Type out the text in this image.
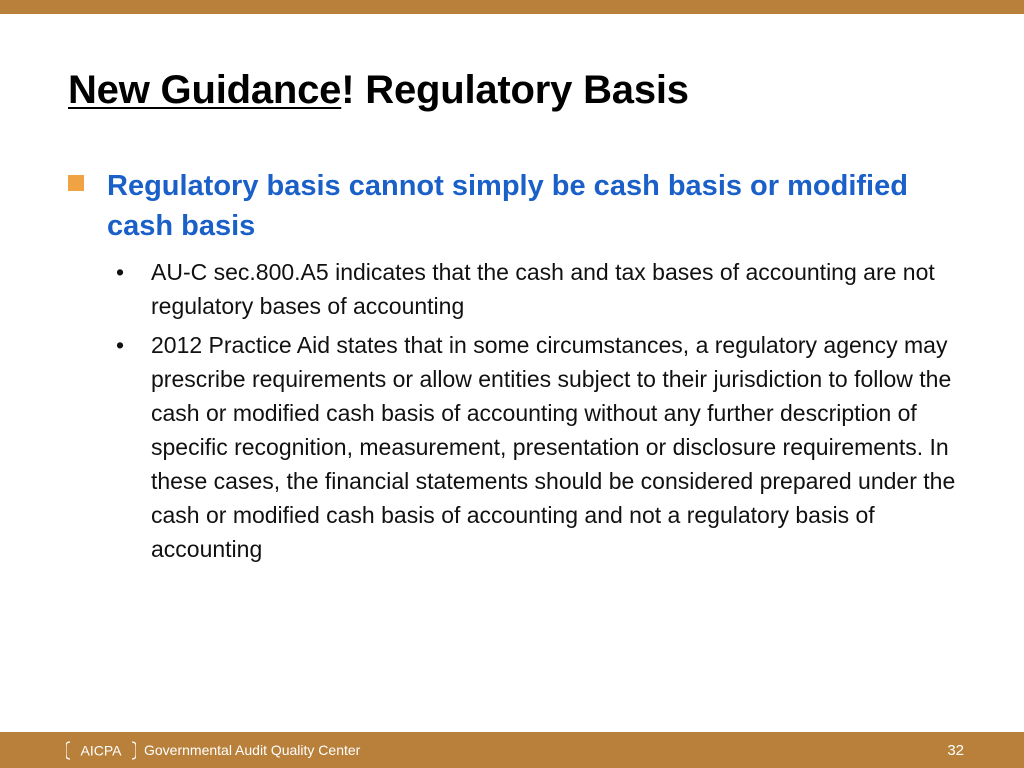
New Guidance! Regulatory Basis
Regulatory basis cannot simply be cash basis or modified cash basis
•	AU-C sec.800.A5 indicates that the cash and tax bases of accounting are not regulatory bases of accounting
•	2012 Practice Aid states that in some circumstances, a regulatory agency may prescribe requirements or allow entities subject to their jurisdiction to follow the cash or modified cash basis of accounting without any further description of specific recognition, measurement, presentation or disclosure requirements. In these cases, the financial statements should be considered prepared under the cash or modified cash basis of accounting and not a regulatory basis of accounting
AICPA Governmental Audit Quality Center	32
